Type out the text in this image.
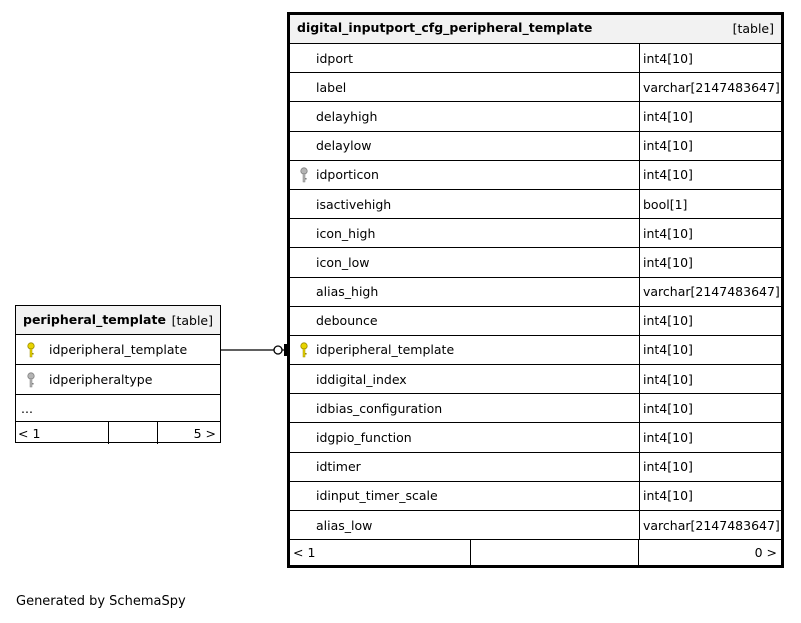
digital_inputport_cfg_peripheral_template	[table]
idport	int4[10]
label	varchar[2147483647]
delayhigh	int4[10]
delaylow	int4[10]
idporticon	int4[10]
isactivehigh	bool[1]
icon_high	int4[10]
icon_low	int4[10]
alias_high	varchar[2147483647]
debounce	int4[10]
idperipheral_template	int4[10]
iddigital_index	int4[10]
idbias_configuration	int4[10]
idgpio_function	int4[10]
idtimer	int4[10]
idinput_timer_scale	int4[10]
alias_low	varchar[2147483647]
< 1	0 >
peripheral_template [table]
idperipheral_template
idperipheraltype
...
< 1	5 >
Generated by SchemaSpy
